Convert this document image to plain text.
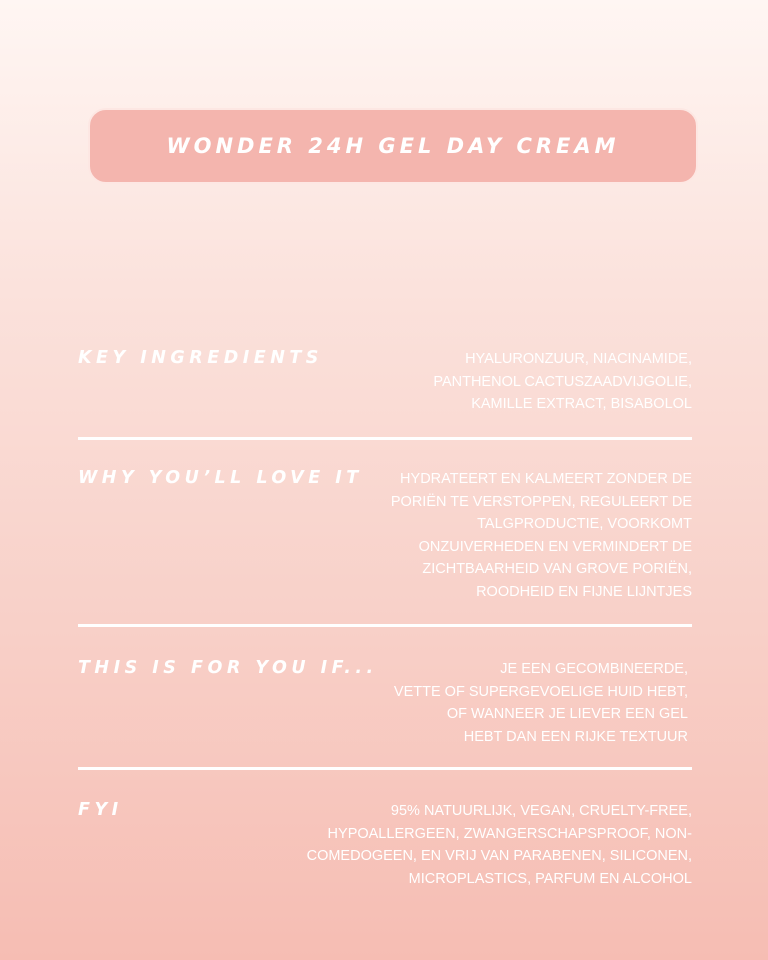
WONDER 24H GEL DAY CREAM
KEY INGREDIENTS	HYALURONZUUR, NIACINAMIDE,
PANTHENOL CACTUSZAADVIJGOLIE,
KAMILLE EXTRACT, BISABOLOL
WHY YOU’LL LOVE IT	HYDRATEERT EN KALMEERT ZONDER DE
PORIËN TE VERSTOPPEN, REGULEERT DE
TALGPRODUCTIE, VOORKOMT
ONZUIVERHEDEN EN VERMINDERT DE
ZICHTBAARHEID VAN GROVE PORIËN,
ROODHEID EN FIJNE LIJNTJES
THIS IS FOR YOU IF...	JE EEN GECOMBINEERDE,
VETTE OF SUPERGEVOELIGE HUID HEBT,
OF WANNEER JE LIEVER EEN GEL
HEBT DAN EEN RIJKE TEXTUUR
FYI	95% NATUURLIJK, VEGAN, CRUELTY-FREE,
HYPOALLERGEEN, ZWANGERSCHAPSPROOF, NON-
COMEDOGEEN, EN VRIJ VAN PARABENEN, SILICONEN,
MICROPLASTICS, PARFUM EN ALCOHOL
